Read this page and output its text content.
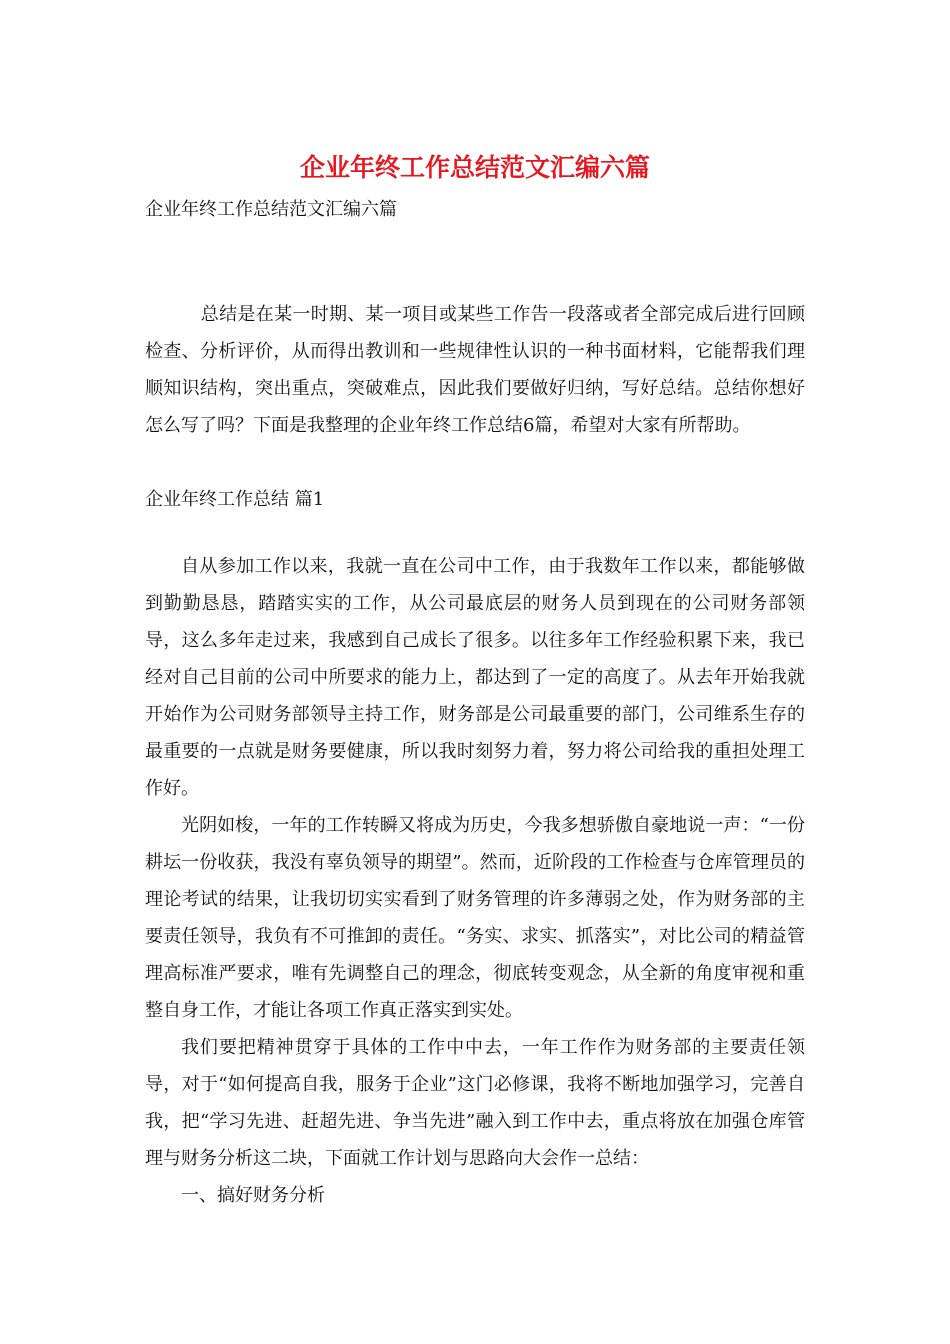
企业年终工作总结范文汇编六篇
企业年终工作总结范文汇编六篇

总结是在某一时期、某一项目或某些工作告一段落或者全部完成后进行回顾检查、分析评价，从而得出教训和一些规律性认识的一种书面材料，它能帮我们理顺知识结构，突出重点，突破难点，因此我们要做好归纳，写好总结。总结你想好怎么写了吗？下面是我整理的企业年终工作总结6篇，希望对大家有所帮助。

企业年终工作总结 篇1

自从参加工作以来，我就一直在公司中工作，由于我数年工作以来，都能够做到勤勤恳恳，踏踏实实的工作，从公司最底层的财务人员到现在的公司财务部领导，这么多年走过来，我感到自己成长了很多。以往多年工作经验积累下来，我已经对自己目前的公司中所要求的能力上，都达到了一定的高度了。从去年开始我就开始作为公司财务部领导主持工作，财务部是公司最重要的部门，公司维系生存的最重要的一点就是财务要健康，所以我时刻努力着，努力将公司给我的重担处理工作好。

光阴如梭，一年的工作转瞬又将成为历史，今我多想骄傲自豪地说一声：“一份耕坛一份收获，我没有辜负领导的期望”。然而，近阶段的工作检查与仓库管理员的理论考试的结果，让我切切实实看到了财务管理的许多薄弱之处，作为财务部的主要责任领导，我负有不可推卸的责任。“务实、求实、抓落实”，对比公司的精益管理高标准严要求，唯有先调整自己的理念，彻底转变观念，从全新的角度审视和重整自身工作，才能让各项工作真正落实到实处。

我们要把精神贯穿于具体的工作中中去，一年工作作为财务部的主要责任领导，对于“如何提高自我，服务于企业”这门必修课，我将不断地加强学习，完善自我，把“学习先进、赶超先进、争当先进”融入到工作中去，重点将放在加强仓库管理与财务分析这二块，下面就工作计划与思路向大会作一总结：

一、搞好财务分析
